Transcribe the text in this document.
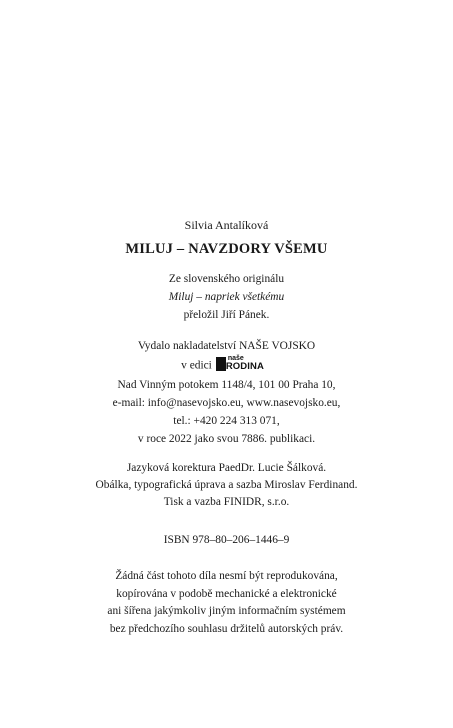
Silvia Antalíková
MILUJ – NAVZDORY VŠEMU
Ze slovenského originálu
Miluj – napriek všetkému
přeložil Jiří Pánek.
Vydalo nakladatelství NAŠE VOJSKO
v edici
naše
RODINA
Nad Vinným potokem 1148/4, 101 00 Praha 10,
e-mail: info@nasevojsko.eu, www.nasevojsko.eu,
tel.: +420 224 313 071,
v roce 2022 jako svou 7886. publikaci.
Jazyková korektura PaedDr. Lucie Šálková.
Obálka, typografická úprava a sazba Miroslav Ferdinand.
Tisk a vazba FINIDR, s.r.o.
ISBN 978–80–206–1446–9
Žádná část tohoto díla nesmí být reprodukována,
kopírována v podobě mechanické a elektronické
ani šířena jakýmkoliv jiným informačním systémem
bez předchozího souhlasu držitelů autorských práv.
